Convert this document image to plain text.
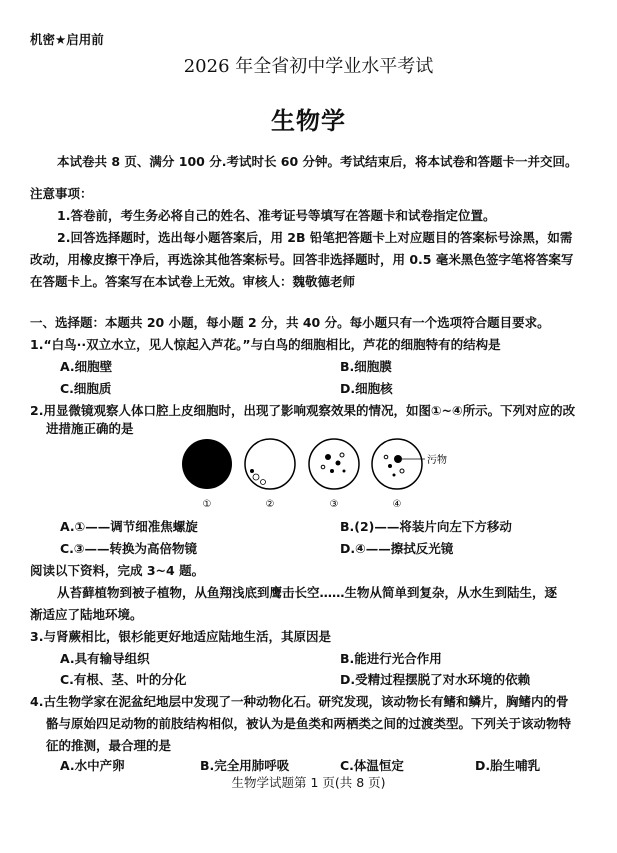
机密★启用前
2026 年全省初中学业水平考试
生物学
本试卷共 8 页、满分 100 分.考试时长 60 分钟。考试结束后，将本试卷和答题卡一并交回。
注意事项：
1.答卷前，考生务必将自己的姓名、准考证号等填写在答题卡和试卷指定位置。
2.回答选择题时，选出每小题答案后，用 2B 铅笔把答题卡上对应题目的答案标号涂黑，如需
改动，用橡皮擦干净后，再选涂其他答案标号。回答非选择题时，用 0.5 毫米黑色签字笔将答案写
在答题卡上。答案写在本试卷上无效。审核人：魏敬德老师
一、选择题：本题共 20 小题，每小题 2 分，共 40 分。每小题只有一个选项符合题目要求。
1.“白鸟··双立水立，见人惊起入芦花。”与白鸟的细胞相比，芦花的细胞特有的结构是
A.细胞壁	B.细胞膜
C.细胞质	D.细胞核
2.用显微镜观察人体口腔上皮细胞时，出现了影响观察效果的情况，如图①~④所示。下列对应的改
进措施正确的是
污物
①	②	③	④
A.①——调节细准焦螺旋	B.(2)——将装片向左下方移动
C.③——转换为高倍物镜	D.④——擦拭反光镜
阅读以下资料，完成 3~4 题。
从苔藓植物到被子植物，从鱼翔浅底到鹰击长空……生物从简单到复杂，从水生到陆生，逐
渐适应了陆地环境。
3.与肾蕨相比，银杉能更好地适应陆地生活，其原因是
A.具有输导组织	B.能进行光合作用
C.有根、茎、叶的分化	D.受精过程摆脱了对水环境的依赖
4.古生物学家在泥盆纪地层中发现了一种动物化石。研究发现，该动物长有鳍和鳞片，胸鳍内的骨
骼与原始四足动物的前肢结构相似，被认为是鱼类和两栖类之间的过渡类型。下列关于该动物特
征的推测，最合理的是
A.水中产卵	B.完全用肺呼吸	C.体温恒定	D.胎生哺乳
生物学试题第 1 页(共 8 页)
